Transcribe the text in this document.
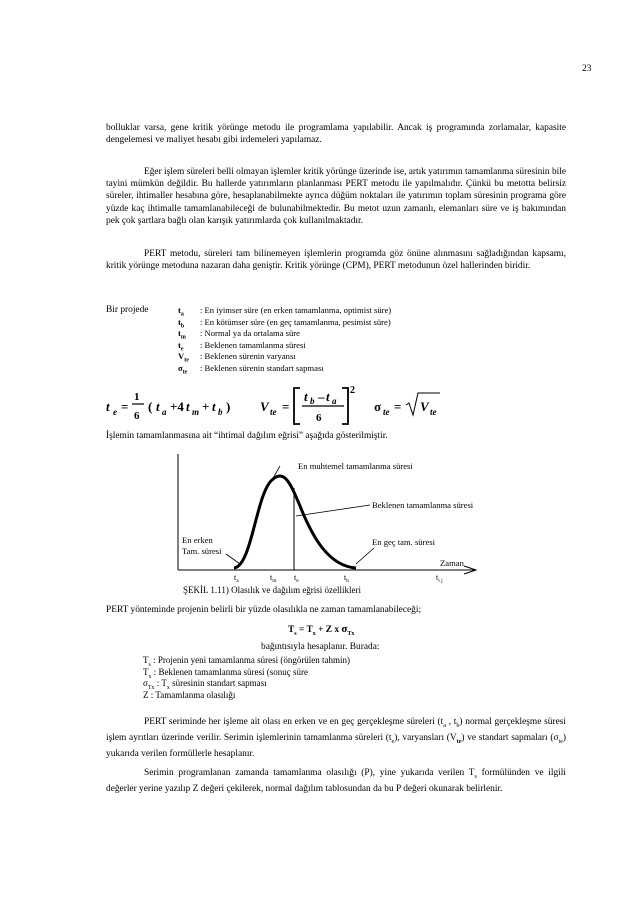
23
bolluklar varsa, gene kritik yörünge metodu ile programlama yapılabilir. Ancak iş programında zorlamalar, kapasite dengelemesi ve maliyet hesabı gibi irdemeleri yapılamaz.
Eğer işlem süreleri belli olmayan işlemler kritik yörünge üzerinde ise, artık yatırımın tamamlanma süresinin bile tayini mümkün değildir. Bu hallerde yatırımların planlanması PERT metodu ile yapılmalıdır. Çünkü bu metotta belirsiz süreler, ihtimaller hesabına göre, hesaplanabilmekte ayrıca düğüm noktaları ile yatırımın toplam süresinin programa göre yüzde kaç ihtimalle tamamlanabileceği de bulunabilmektedir. Bu metot uzun zamanlı, elemanları süre ve iş bakımından pek çok şartlara bağlı olan karışık yatırımlarda çok kullanılmaktadır.
PERT metodu, süreleri tam bilinemeyen işlemlerin programda göz önüne alınmasını sağladığından kapsamı, kritik yörünge metoduna nazaran daha geniştir. Kritik yörünge (CPM), PERT metodunun özel hallerinden biridir.
Bir projede	$t_a$ : En iyimser süre (en erken tamamlanma, optimist süre)
$t_b$ : En kötümser süre (en geç tamamlanma, pesimist süre)
$t_m$ : Normal ya da ortalama süre
$t_e$ : Beklenen tamamlanma süresi
$V_{te}$ : Beklenen sürenin varyansı
$\sigma_{te}$ : Beklenen sürenin standart sapması
t e =
1
6
( t a +4 t m + t b ) V te =
t b – t a
6
2
σ te = V te
İşlemin tamamlanmasına ait “ihtimal dağılım eğrisi” aşağıda gösterilmiştir.
En muhtemel tamamlanma süresi
Beklenen tamamlanma süresi
En erken
Tam. süresi
En geç tam. süresi
Zaman
$t_a$	$t_m$ $t_e$	$t_b$	$t_{i j}$
ŞEKİL 1.11) Olasılık ve dağılım eğrisi özellikleri
PERT yönteminde projenin belirli bir yüzde olasılıkla ne zaman tamamlanabileceği;
$T_s = T_x + Z$ x $\sigma_{Tx}$
bağıntısıyla hesaplanır. Burada:
$T_s$ : Projenin yeni tamamlanma süresi (öngörülen tahmin)
$T_x$ : Beklenen tamamlanma süresi (sonuç süre
$\sigma_{Tx}$ : $T_x$ süresinin standart sapması
Z : Tamamlanma olasılığı
PERT seriminde her işleme ait olası en erken ve en geç gerçekleşme süreleri ($t_a$ , $t_b$) normal gerçekleşme süresi işlem ayrıtları üzerinde verilir. Serimin işlemlerinin tamamlanma süreleri $(t_e)$, varyansları $(V_{te})$ ve standart sapmaları $(\sigma_{te})$ yukarıda verilen formüllerle hesaplanır.
Serimin programlanan zamanda tamamlanma olasılığı (P), yine yukarıda verilen $T_s$ formülünden ve ilgili değerler yerine yazılıp Z değeri çekilerek, normal dağılım tablosundan da bu P değeri okunarak belirlenir.
